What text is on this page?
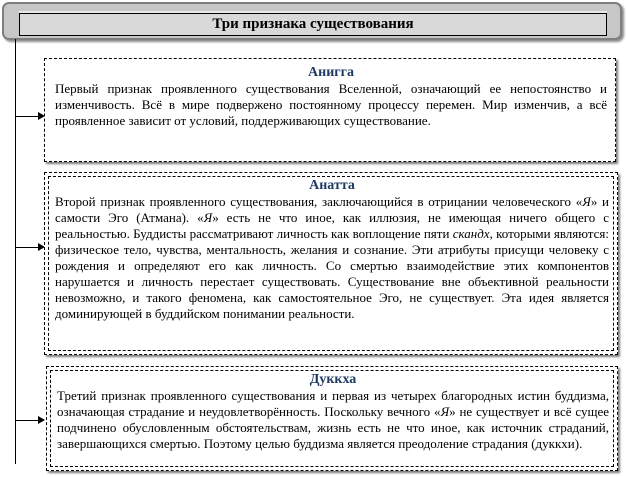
Три признака существования
Анигга

Первый признак проявленного существования Вселенной, означающий ее непостоянство и изменчивость. Всё в мире подвержено постоянному процессу перемен. Мир изменчив, а всё проявленное зависит от условий, поддерживающих существование.

Анатта

Второй признак проявленного существования, заключающийся в отрицании человеческого «Я» и самости Эго (Атмана). «Я» есть не что иное, как иллюзия, не имеющая ничего общего с реальностью. Буддисты рассматривают личность как воплощение пяти скандх, которыми являются: физическое тело, чувства, ментальность, желания и сознание. Эти атрибуты присущи человеку с рождения и определяют его как личность. Со смертью взаимодействие этих компонентов нарушается и личность перестает существовать. Существование вне объективной реальности невозможно, и такого феномена, как самостоятельное Эго, не существует. Эта идея является доминирующей в буддийском понимании реальности.

Дуккха

Третий признак проявленного существования и первая из четырех благородных истин буддизма, означающая страдание и неудовлетворённость. Поскольку вечного «Я» не существует и всё сущее подчинено обусловленным обстоятельствам, жизнь есть не что иное, как источник страданий, завершающихся смертью. Поэтому целью буддизма является преодоление страдания (дуккхи).
